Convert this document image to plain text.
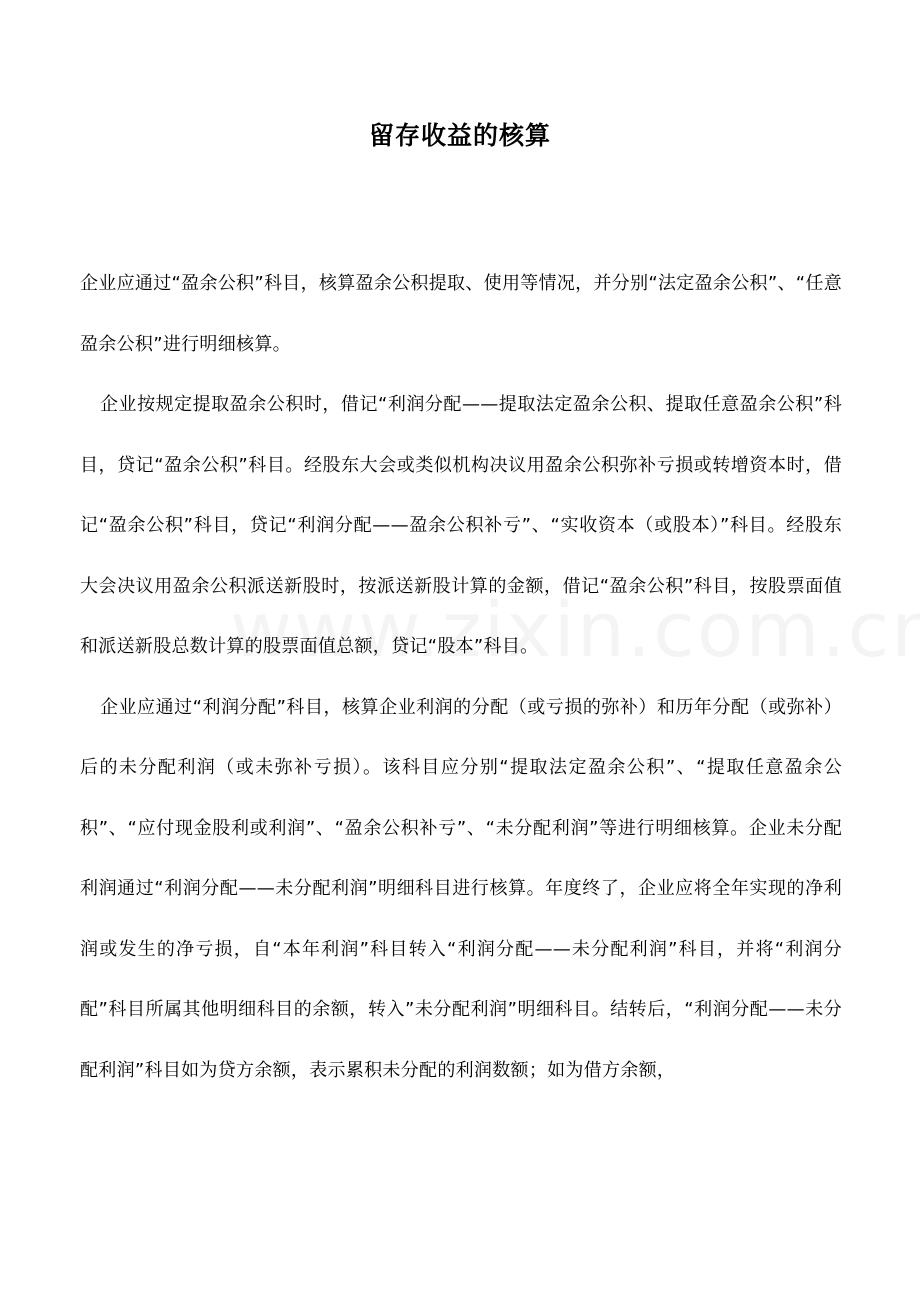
留存收益的核算

企业应通过“盈余公积”科目，核算盈余公积提取、使用等情况，并分别“法定盈余公积”、“任意盈余公积”进行明细核算。

企业按规定提取盈余公积时，借记“利润分配——提取法定盈余公积、提取任意盈余公积”科目，贷记“盈余公积”科目。经股东大会或类似机构决议用盈余公积弥补亏损或转增资本时，借记“盈余公积”科目，贷记“利润分配——盈余公积补亏”、“实收资本（或股本）”科目。经股东大会决议用盈余公积派送新股时，按派送新股计算的金额，借记“盈余公积”科目，按股票面值和派送新股总数计算的股票面值总额，贷记“股本”科目。

企业应通过“利润分配”科目，核算企业利润的分配（或亏损的弥补）和历年分配（或弥补）后的未分配利润（或未弥补亏损）。该科目应分别“提取法定盈余公积”、“提取任意盈余公积”、“应付现金股利或利润”、“盈余公积补亏”、“未分配利润”等进行明细核算。企业未分配利润通过“利润分配——未分配利润”明细科目进行核算。年度终了，企业应将全年实现的净利润或发生的净亏损，自“本年利润”科目转入“利润分配——未分配利润”科目，并将“利润分配”科目所属其他明细科目的余额，转入”未分配利润”明细科目。结转后，“利润分配——未分配利润”科目如为贷方余额，表示累积未分配的利润数额；如为借方余额，
